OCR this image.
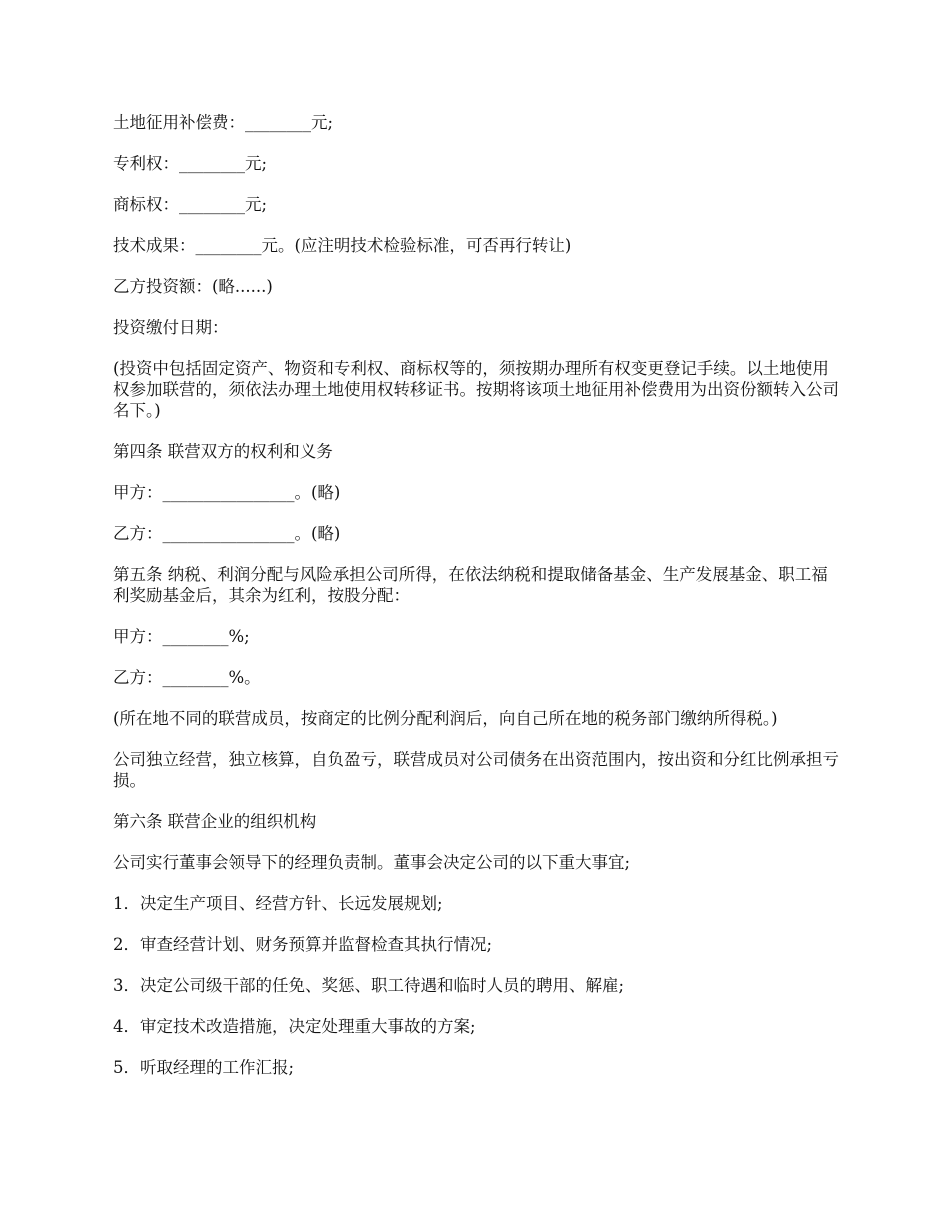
土地征用补偿费：________元;

专利权：________元;

商标权：________元;

技术成果：________元。(应注明技术检验标准，可否再行转让)

乙方投资额：(略......)

投资缴付日期：

(投资中包括固定资产、物资和专利权、商标权等的，须按期办理所有权变更登记手续。以土地使用权参加联营的，须依法办理土地使用权转移证书。按期将该项土地征用补偿费用为出资份额转入公司名下。)

第四条 联营双方的权利和义务

甲方：________________。(略)

乙方：________________。(略)

第五条 纳税、利润分配与风险承担公司所得，在依法纳税和提取储备基金、生产发展基金、职工福利奖励基金后，其余为红利，按股分配：

甲方：________%;

乙方：________%。

(所在地不同的联营成员，按商定的比例分配利润后，向自己所在地的税务部门缴纳所得税。)

公司独立经营，独立核算，自负盈亏，联营成员对公司债务在出资范围内，按出资和分红比例承担亏损。

第六条 联营企业的组织机构

公司实行董事会领导下的经理负责制。董事会决定公司的以下重大事宜;

1．决定生产项目、经营方针、长远发展规划;

2．审查经营计划、财务预算并监督检查其执行情况;

3．决定公司级干部的任免、奖惩、职工待遇和临时人员的聘用、解雇;

4．审定技术改造措施，决定处理重大事故的方案;

5．听取经理的工作汇报;
